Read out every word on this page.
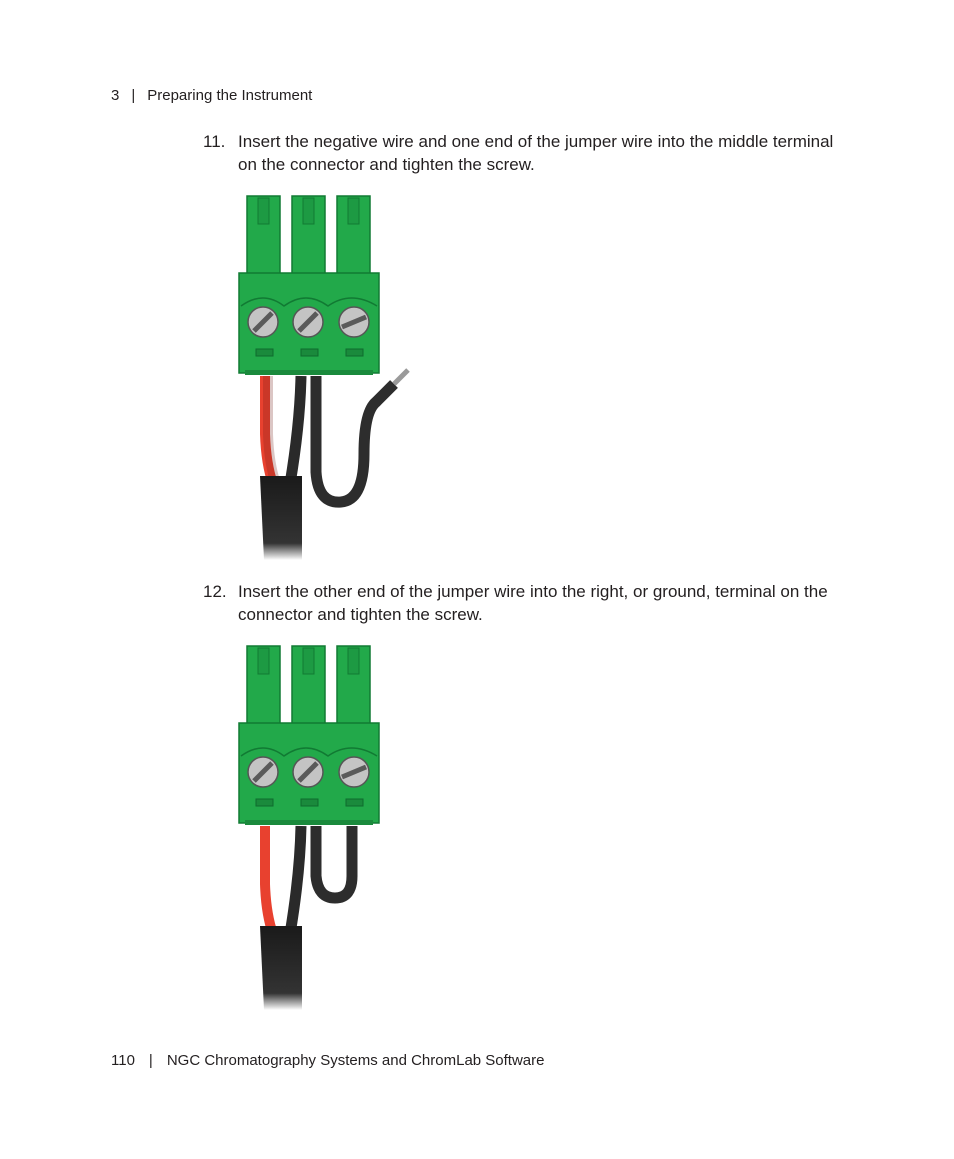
3 | Preparing the Instrument
11. Insert the negative wire and one end of the jumper wire into the middle terminal on the connector and tighten the screw.
12. Insert the other end of the jumper wire into the right, or ground, terminal on the connector and tighten the screw.
110 | NGC Chromatography Systems and ChromLab Software
